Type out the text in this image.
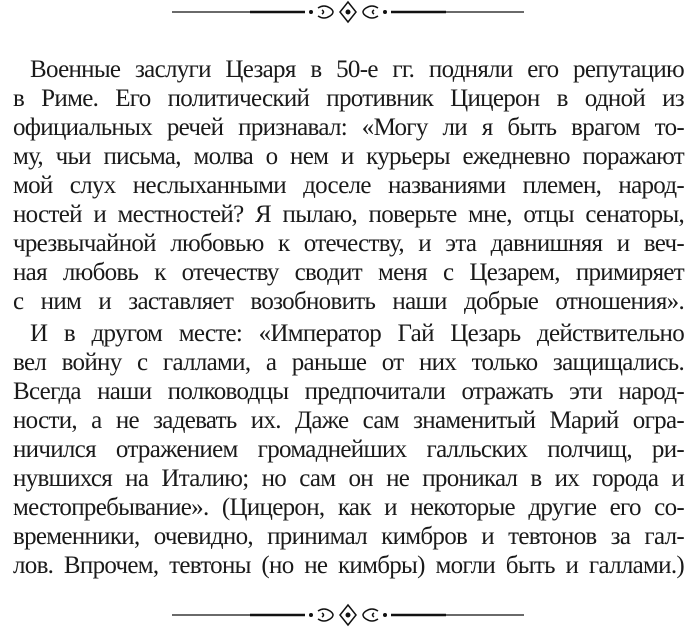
Военные заслуги Цезаря в 50-е гг. подняли его репутацию
в Риме. Его политический противник Цицерон в одной из
официальных речей признавал: «Могу ли я быть врагом то-
му, чьи письма, молва о нем и курьеры ежедневно поражают
мой слух неслыханными доселе названиями племен, народ-
ностей и местностей? Я пылаю, поверьте мне, отцы сенаторы,
чрезвычайной любовью к отечеству, и эта давнишняя и веч-
ная любовь к отечеству сводит меня с Цезарем, примиряет
с ним и заставляет возобновить наши добрые отношения».
И в другом месте: «Император Гай Цезарь действительно
вел войну с галлами, а раньше от них только защищались.
Всегда наши полководцы предпочитали отражать эти народ-
ности, а не задевать их. Даже сам знаменитый Марий огра-
ничился отражением громаднейших галльских полчищ, ри-
нувшихся на Италию; но сам он не проникал в их города и
местопребывание». (Цицерон, как и некоторые другие его со-
временники, очевидно, принимал кимбров и тевтонов за гал-
лов. Впрочем, тевтоны (но не кимбры) могли быть и галлами.)
